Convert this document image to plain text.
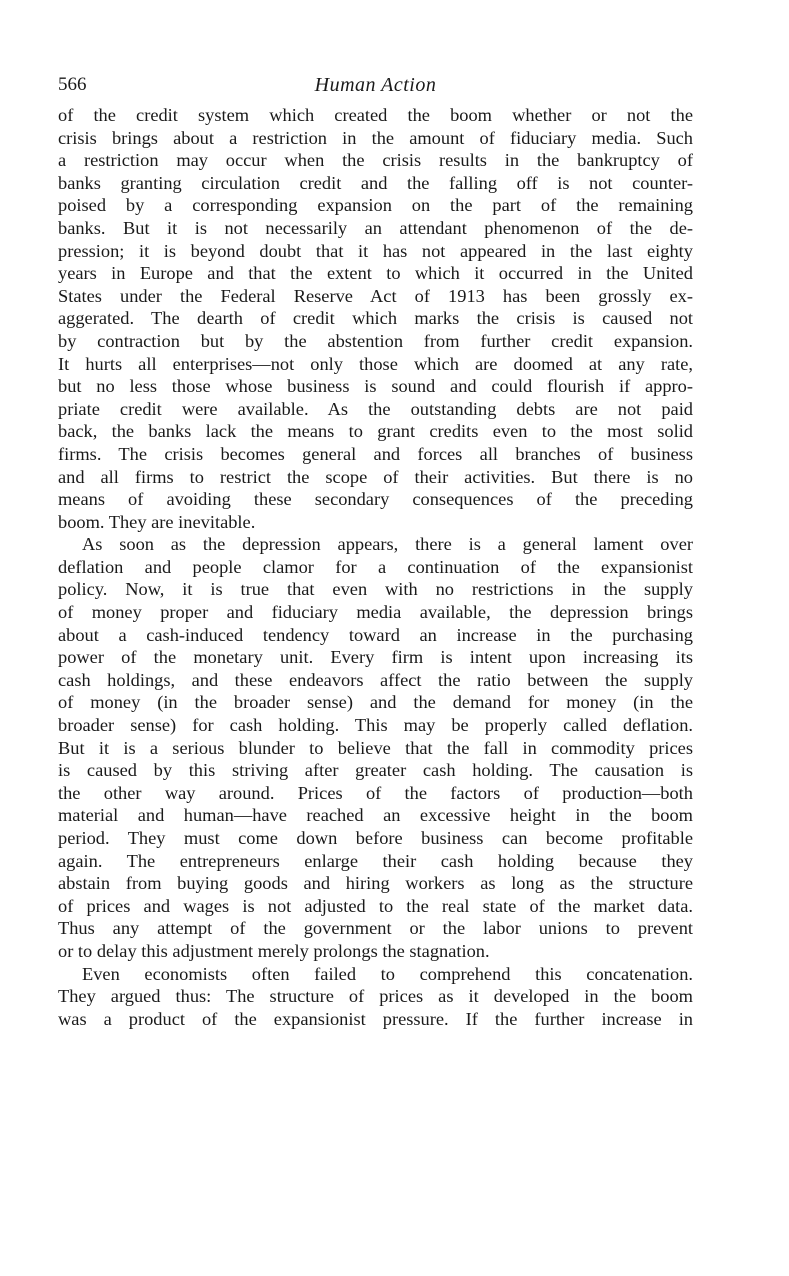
566	Human Action
of the credit system which created the boom whether or not the
crisis brings about a restriction in the amount of fiduciary media. Such
a restriction may occur when the crisis results in the bankruptcy of
banks granting circulation credit and the falling off is not counter-
poised by a corresponding expansion on the part of the remaining
banks. But it is not necessarily an attendant phenomenon of the de-
pression; it is beyond doubt that it has not appeared in the last eighty
years in Europe and that the extent to which it occurred in the United
States under the Federal Reserve Act of 1913 has been grossly ex-
aggerated. The dearth of credit which marks the crisis is caused not
by contraction but by the abstention from further credit expansion.
It hurts all enterprises—not only those which are doomed at any rate,
but no less those whose business is sound and could flourish if appro-
priate credit were available. As the outstanding debts are not paid
back, the banks lack the means to grant credits even to the most solid
firms. The crisis becomes general and forces all branches of business
and all firms to restrict the scope of their activities. But there is no
means of avoiding these secondary consequences of the preceding
boom. They are inevitable.
As soon as the depression appears, there is a general lament over
deflation and people clamor for a continuation of the expansionist
policy. Now, it is true that even with no restrictions in the supply
of money proper and fiduciary media available, the depression brings
about a cash-induced tendency toward an increase in the purchasing
power of the monetary unit. Every firm is intent upon increasing its
cash holdings, and these endeavors affect the ratio between the supply
of money (in the broader sense) and the demand for money (in the
broader sense) for cash holding. This may be properly called deflation.
But it is a serious blunder to believe that the fall in commodity prices
is caused by this striving after greater cash holding. The causation is
the other way around. Prices of the factors of production—both
material and human—have reached an excessive height in the boom
period. They must come down before business can become profitable
again. The entrepreneurs enlarge their cash holding because they
abstain from buying goods and hiring workers as long as the structure
of prices and wages is not adjusted to the real state of the market data.
Thus any attempt of the government or the labor unions to prevent
or to delay this adjustment merely prolongs the stagnation.
Even economists often failed to comprehend this concatenation.
They argued thus: The structure of prices as it developed in the boom
was a product of the expansionist pressure. If the further increase in
